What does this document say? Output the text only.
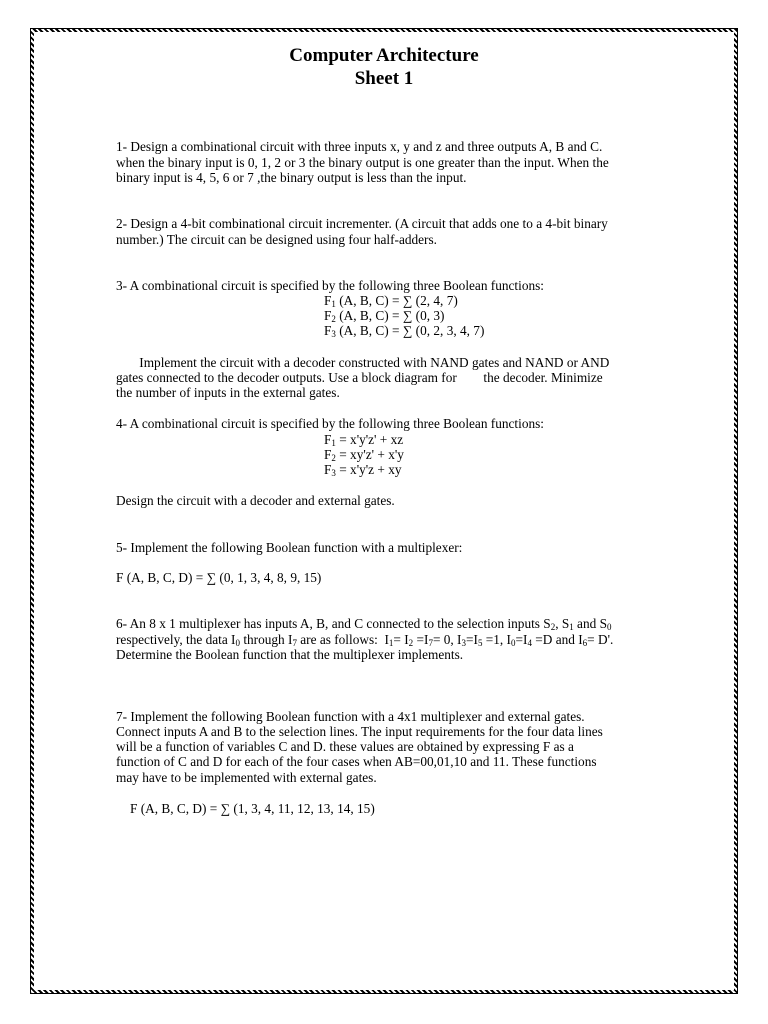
Computer Architecture
Sheet 1
1- Design a combinational circuit with three inputs x, y and z and three outputs A, B and C.
when the binary input is 0, 1, 2 or 3 the binary output is one greater than the input. When the
binary input is 4, 5, 6 or 7 ,the binary output is less than the input.
2- Design a 4-bit combinational circuit incrementer. (A circuit that adds one to a 4-bit binary
number.) The circuit can be designed using four half-adders.
3- A combinational circuit is specified by the following three Boolean functions:
$F_1$ (A, B, C) = ∑ (2, 4, 7)
$F_2$ (A, B, C) = ∑ (0, 3)
$F_3$ (A, B, C) = ∑ (0, 2, 3, 4, 7)
Implement the circuit with a decoder constructed with NAND gates and NAND or AND
gates connected to the decoder outputs. Use a block diagram for        the decoder. Minimize
the number of inputs in the external gates.
4- A combinational circuit is specified by the following three Boolean functions:
$F_1 = x'y'z'$ + xz
$F_2 = xy'z' + x'y$
$F_3 = x'y'z$ + xy
Design the circuit with a decoder and external gates.
5- Implement the following Boolean function with a multiplexer:
F (A, B, C, D) = ∑ (0, 1, 3, 4, 8, 9, 15)
6- An 8 x 1 multiplexer has inputs A, B, and C connected to the selection inputs $S_2$, $S_1$ and $S_0$
respectively, the data $I_0$ through $I_7$ are as follows:  $I_1= I_2 =I_7= 0$, $I_3=I_5 =1$, $I_0=I_4 =D$ and $I_6= D'$.
Determine the Boolean function that the multiplexer implements.
7- Implement the following Boolean function with a 4x1 multiplexer and external gates.
Connect inputs A and B to the selection lines. The input requirements for the four data lines
will be a function of variables C and D. these values are obtained by expressing F as a
function of C and D for each of the four cases when AB=00,01,10 and 11. These functions
may have to be implemented with external gates.
F (A, B, C, D) = ∑ (1, 3, 4, 11, 12, 13, 14, 15)
